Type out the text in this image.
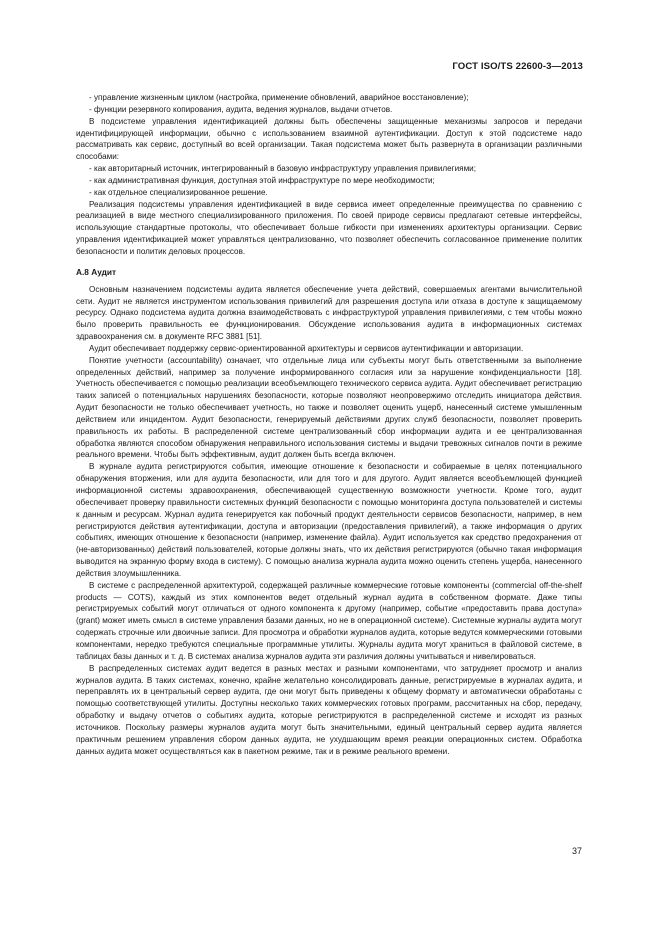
ГОСТ ISO/TS 22600-3—2013

- управление жизненным циклом (настройка, применение обновлений, аварийное восстановление);

- функции резервного копирования, аудита, ведения журналов, выдачи отчетов.

В подсистеме управления идентификацией должны быть обеспечены защищенные механизмы запросов и передачи идентифицирующей информации, обычно с использованием взаимной аутентификации. Доступ к этой подсистеме надо рассматривать как сервис, доступный во всей организации. Такая подсистема может быть развернута в организации различными способами:

- как авторитарный источник, интегрированный в базовую инфраструктуру управления привилегиями;

- как административная функция, доступная этой инфраструктуре по мере необходимости;

- как отдельное специализированное решение.

Реализация подсистемы управления идентификацией в виде сервиса имеет определенные преимущества по сравнению с реализацией в виде местного специализированного приложения. По своей природе сервисы предлагают сетевые интерфейсы, использующие стандартные протоколы, что обеспечивает больше гибкости при изменениях архитектуры организации. Сервис управления идентификацией может управляться централизованно, что позволяет обеспечить согласованное применение политик безопасности и политик деловых процессов.

А.8 Аудит

Основным назначением подсистемы аудита является обеспечение учета действий, совершаемых агентами вычислительной сети. Аудит не является инструментом использования привилегий для разрешения доступа или отказа в доступе к защищаемому ресурсу. Однако подсистема аудита должна взаимодействовать с инфраструктурой управления привилегиями, с тем чтобы можно было проверить правильность ее функционирования. Обсуждение использования аудита в информационных системах здравоохранения см. в документе RFC 3881 [51].

Аудит обеспечивает поддержку сервис-ориентированной архитектуры и сервисов аутентификации и авторизации.

Понятие учетности (accountability) означает, что отдельные лица или субъекты могут быть ответственными за выполнение определенных действий, например за получение информированного согласия или за нарушение конфиденциальности [18]. Учетность обеспечивается с помощью реализации всеобъемлющего технического сервиса аудита. Аудит обеспечивает регистрацию таких записей о потенциальных нарушениях безопасности, которые позволяют неопровержимо отследить инициатора действия. Аудит безопасности не только обеспечивает учетность, но также и позволяет оценить ущерб, нанесенный системе умышленным действием или инцидентом. Аудит безопасности, генерируемый действиями других служб безопасности, позволяет проверить правильность их работы. В распределенной системе централизованный сбор информации аудита и ее централизованная обработка являются способом обнаружения неправильного использования системы и выдачи тревожных сигналов почти в режиме реального времени. Чтобы быть эффективным, аудит должен быть всегда включен.

В журнале аудита регистрируются события, имеющие отношение к безопасности и собираемые в целях потенциального обнаружения вторжения, или для аудита безопасности, или для того и для другого. Аудит является всеобъемлющей функцией информационной системы здравоохранения, обеспечивающей существенную возможности учетности. Кроме того, аудит обеспечивает проверку правильности системных функций безопасности с помощью мониторинга доступа пользователей и системы к данным и ресурсам. Журнал аудита генерируется как побочный продукт деятельности сервисов безопасности, например, в нем регистрируются действия аутентификации, доступа и авторизации (предоставления привилегий), а также информация о других событиях, имеющих отношение к безопасности (например, изменение файла). Аудит используется как средство предохранения от (не-авторизованных) действий пользователей, которые должны знать, что их действия регистрируются (обычно такая информация выводится на экранную форму входа в систему). С помощью анализа журнала аудита можно оценить степень ущерба, нанесенного действия злоумышленника.

В системе с распределенной архитектурой, содержащей различные коммерческие готовые компоненты (commercial off-the-shelf products — COTS), каждый из этих компонентов ведет отдельный журнал аудита в собственном формате. Даже типы регистрируемых событий могут отличаться от одного компонента к другому (например, событие «предоставить права доступа» (grant) может иметь смысл в системе управления базами данных, но не в операционной системе). Системные журналы аудита могут содержать строчные или двоичные записи. Для просмотра и обработки журналов аудита, которые ведутся коммерческими готовыми компонентами, нередко требуются специальные программные утилиты. Журналы аудита могут храниться в файловой системе, в таблицах базы данных и т. д. В системах анализа журналов аудита эти различия должны учитываться и нивелироваться.

В распределенных системах аудит ведется в разных местах и разными компонентами, что затрудняет просмотр и анализ журналов аудита. В таких системах, конечно, крайне желательно консолидировать данные, регистрируемые в журналах аудита, и переправлять их в центральный сервер аудита, где они могут быть приведены к общему формату и автоматически обработаны с помощью соответствующей утилиты. Доступны несколько таких коммерческих готовых программ, рассчитанных на сбор, передачу, обработку и выдачу отчетов о событиях аудита, которые регистрируются в распределенной системе и исходят из разных источников. Поскольку размеры журналов аудита могут быть значительными, единый центральный сервер аудита является практичным решением управления сбором данных аудита, не ухудшающим время реакции операционных систем. Обработка данных аудита может осуществляться как в пакетном режиме, так и в режиме реального времени.

37
